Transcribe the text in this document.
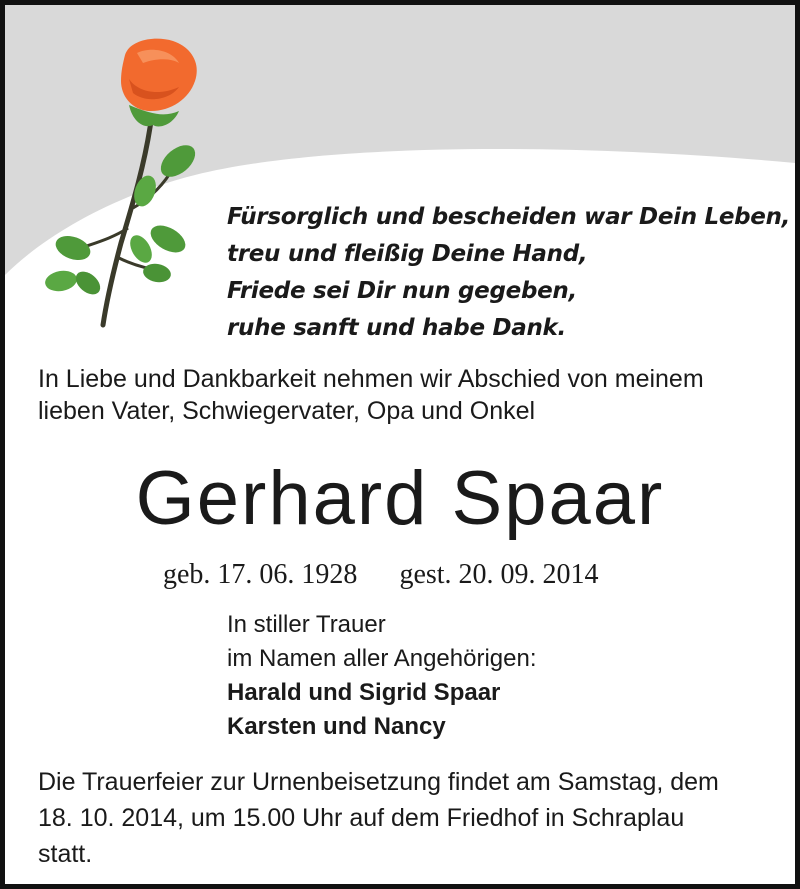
Fürsorglich und bescheiden war Dein Leben,
treu und fleißig Deine Hand,
Friede sei Dir nun gegeben,
ruhe sanft und habe Dank.
In Liebe und Dankbarkeit nehmen wir Abschied von meinem
lieben Vater, Schwiegervater, Opa und Onkel
Gerhard Spaar
geb. 17. 06. 1928 gest. 20. 09. 2014
In stiller Trauer
im Namen aller Angehörigen:
Harald und Sigrid Spaar
Karsten und Nancy
Die Trauerfeier zur Urnenbeisetzung findet am Samstag, dem
18. 10. 2014, um 15.00 Uhr auf dem Friedhof in Schraplau
statt.
